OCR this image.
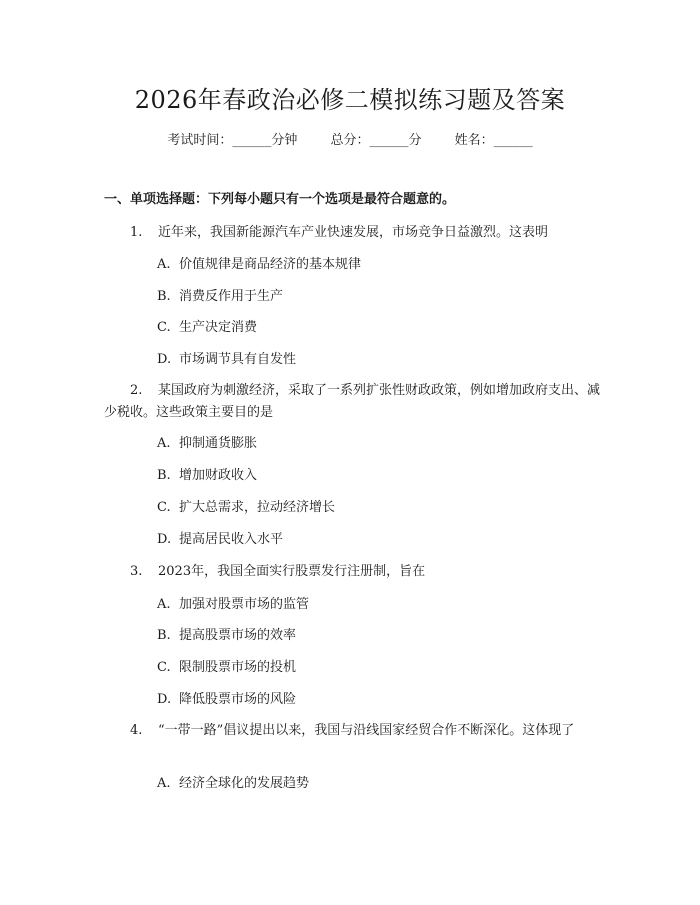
2026年春政治必修二模拟练习题及答案
考试时间：______分钟	总分：______分	姓名：______
一、单项选择题：下列每小题只有一个选项是最符合题意的。
1. 近年来，我国新能源汽车产业快速发展，市场竞争日益激烈。这表明
A. 价值规律是商品经济的基本规律
B. 消费反作用于生产
C. 生产决定消费
D. 市场调节具有自发性
2. 某国政府为刺激经济，采取了一系列扩张性财政政策，例如增加政府支出、减少税收。这些政策主要目的是
A. 抑制通货膨胀
B. 增加财政收入
C. 扩大总需求，拉动经济增长
D. 提高居民收入水平
3. 2023年，我国全面实行股票发行注册制，旨在
A. 加强对股票市场的监管
B. 提高股票市场的效率
C. 限制股票市场的投机
D. 降低股票市场的风险
4. “一带一路”倡议提出以来，我国与沿线国家经贸合作不断深化。这体现了
A. 经济全球化的发展趋势
